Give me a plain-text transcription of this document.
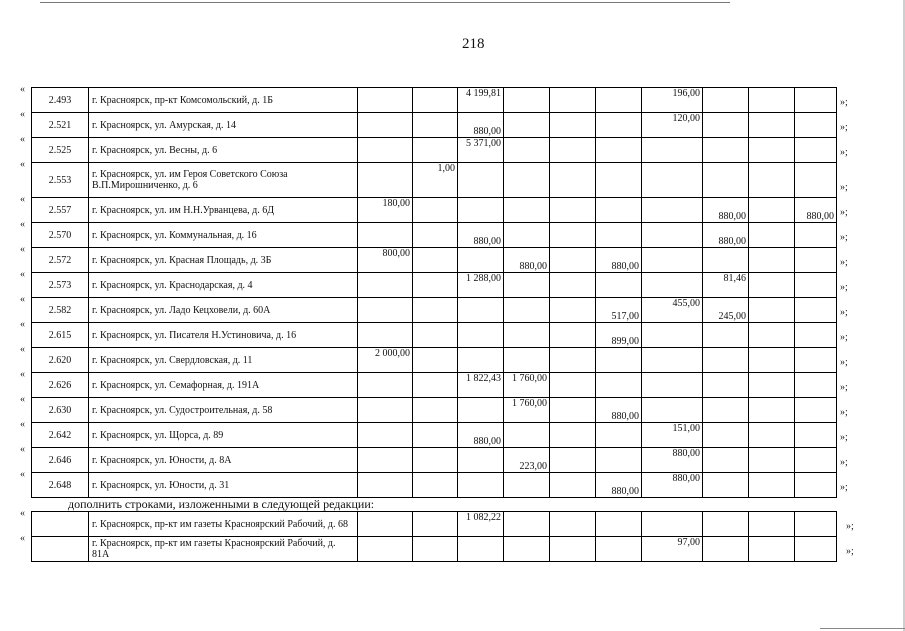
218
2.493	г. Красноярск, пр-кт Комсомольский, д. 1Б			4 199,81				196,00			
2.521	г. Красноярск, ул. Амурская, д. 14			880,00				120,00			
2.525	г. Красноярск, ул. Весны, д. 6			5 371,00							
2.553	г. Красноярск, ул. им Героя Советского Союза В.П.Мирошниченко, д. 6		1,00								
2.557	г. Красноярск, ул. им Н.Н.Урванцева, д. 6Д	180,00							880,00		880,00
2.570	г. Красноярск, ул. Коммунальная, д. 16			880,00					880,00		
2.572	г. Красноярск, ул. Красная Площадь, д. 3Б	800,00			880,00		880,00				
2.573	г. Красноярск, ул. Краснодарская, д. 4			1 288,00					81,46		
2.582	г. Красноярск, ул. Ладо Кецховели, д. 60А						517,00	455,00	245,00		
2.615	г. Красноярск, ул. Писателя Н.Устиновича, д. 16						899,00				
2.620	г. Красноярск, ул. Свердловская, д. 11	2 000,00									
2.626	г. Красноярск, ул. Семафорная, д. 191А			1 822,43	1 760,00						
2.630	г. Красноярск, ул. Судостроительная, д. 58				1 760,00		880,00				
2.642	г. Красноярск, ул. Щорса, д. 89			880,00				151,00			
2.646	г. Красноярск, ул. Юности, д. 8А				223,00			880,00			
2.648	г. Красноярск, ул. Юности, д. 31						880,00	880,00			
«
»;
«
»;
«
»;
«
»;
«
»;
«
»;
«
»;
«
»;
«
»;
«
»;
«
»;
«
»;
«
»;
«
»;
«
»;
«
»;
«
»;
«
»;
дополнить строками, изложенными в следующей редакции:
	г. Красноярск, пр-кт им газеты Красноярский Рабочий, д. 68			1 082,22							
	г. Красноярск, пр-кт им газеты Красноярский Рабочий, д. 81А							97,00			
